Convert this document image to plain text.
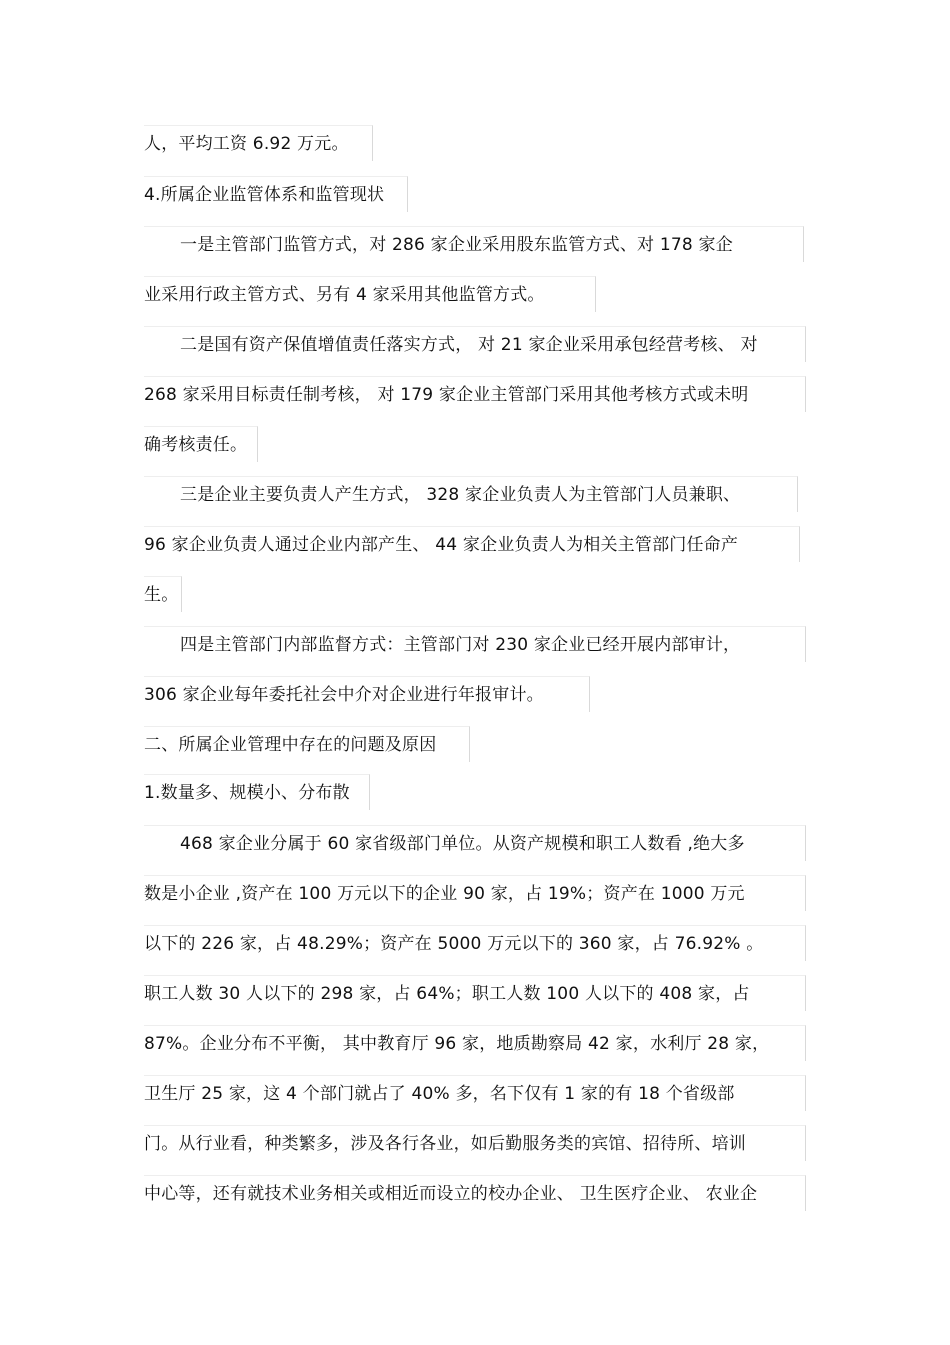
人，平均工资 6.92 万元。
4.所属企业监管体系和监管现状
一是主管部门监管方式，对 286 家企业采用股东监管方式、对 178 家企
业采用行政主管方式、另有 4 家采用其他监管方式。
二是国有资产保值增值责任落实方式， 对 21 家企业采用承包经营考核、 对
268 家采用目标责任制考核， 对 179 家企业主管部门采用其他考核方式或未明
确考核责任。
三是企业主要负责人产生方式， 328 家企业负责人为主管部门人员兼职、
96 家企业负责人通过企业内部产生、 44 家企业负责人为相关主管部门任命产
生。
四是主管部门内部监督方式：主管部门对 230 家企业已经开展内部审计，
306 家企业每年委托社会中介对企业进行年报审计。
二、所属企业管理中存在的问题及原因
1.数量多、规模小、分布散
468 家企业分属于 60 家省级部门单位。从资产规模和职工人数看 ,绝大多
数是小企业 ,资产在 100 万元以下的企业 90 家，占 19%；资产在 1000 万元
以下的 226 家，占 48.29%；资产在 5000 万元以下的 360 家，占 76.92% 。
职工人数 30 人以下的 298 家，占 64%；职工人数 100 人以下的 408 家，占
87%。企业分布不平衡， 其中教育厅 96 家，地质勘察局 42 家，水利厅 28 家，
卫生厅 25 家，这 4 个部门就占了 40% 多，名下仅有 1 家的有 18 个省级部
门。从行业看，种类繁多，涉及各行各业，如后勤服务类的宾馆、招待所、培训
中心等，还有就技术业务相关或相近而设立的校办企业、 卫生医疗企业、 农业企
